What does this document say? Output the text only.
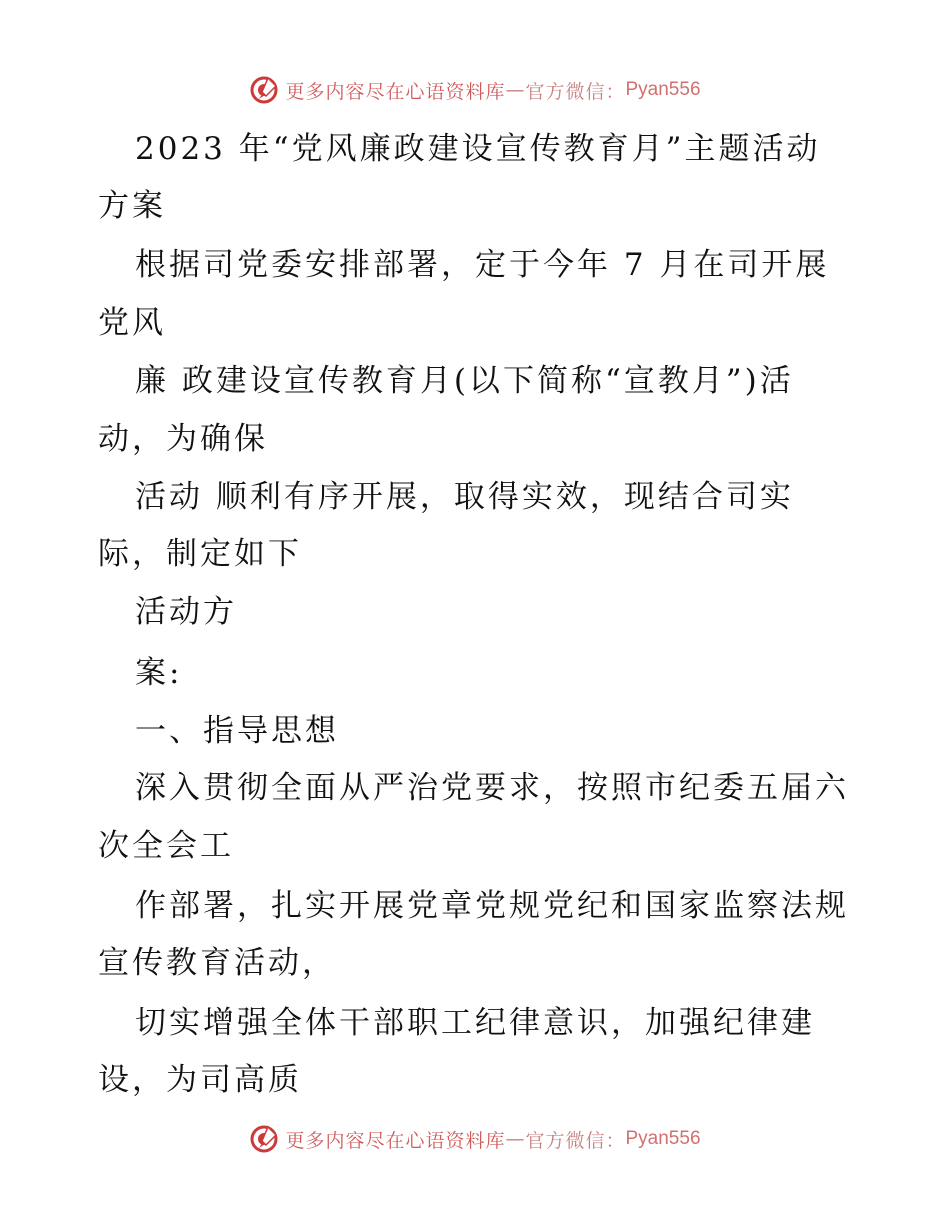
更多内容尽在心语资料库 — 官方微信： Pyan556
2023 年“党风廉政建设宣传教育月”主题活动
方案
根据司党委安排部署，定于今年 7 月在司开展
党风
廉 政建设宣传教育月(以下简称“宣教月”)活
动，为确保
活动 顺利有序开展，取得实效，现结合司实
际，制定如下
活动方
案:
一、指导思想
深入贯彻全面从严治党要求，按照市纪委五届六
次全会工
作部署，扎实开展党章党规党纪和国家监察法规
宣传教育活动，
切实增强全体干部职工纪律意识，加强纪律建
设，为司高质
更多内容尽在心语资料库 — 官方微信： Pyan556
